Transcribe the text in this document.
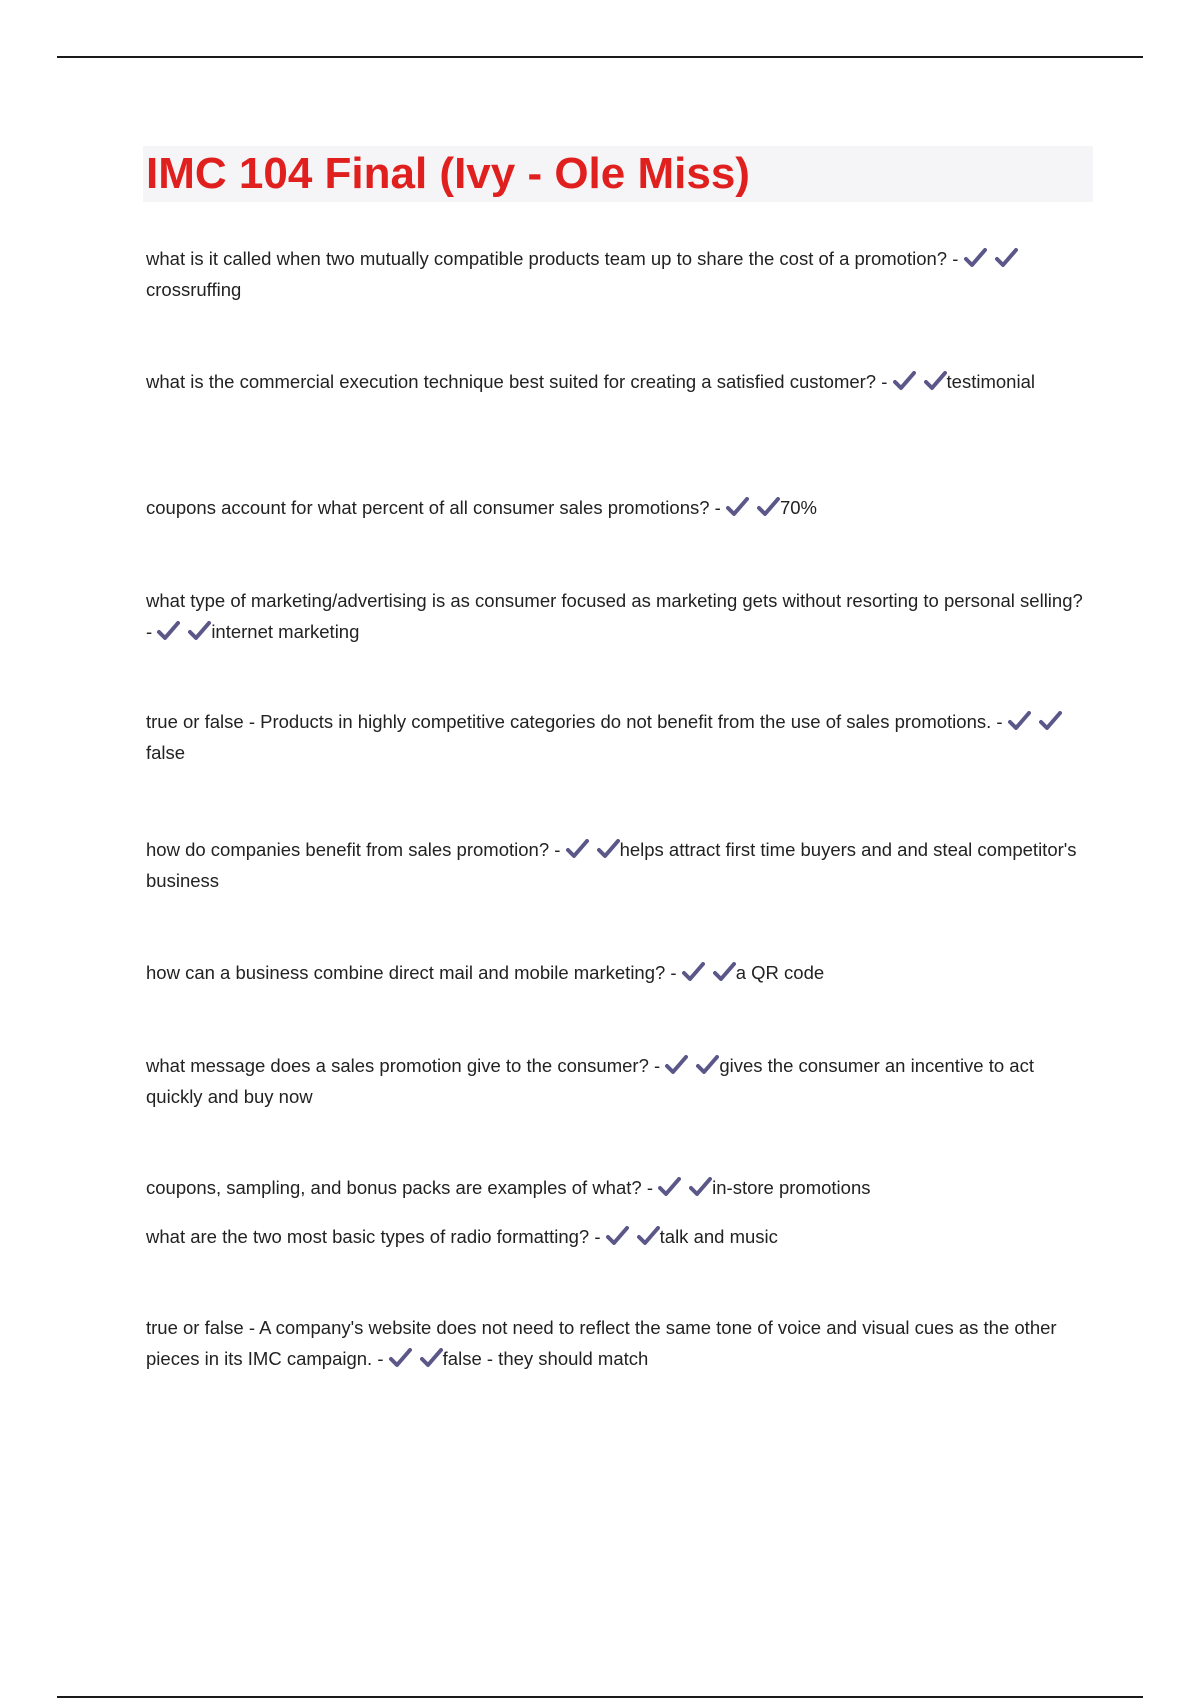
IMC 104 Final (Ivy - Ole Miss)

what is it called when two mutually compatible products team up to share the cost of a promotion? - crossruffing

what is the commercial execution technique best suited for creating a satisfied customer? -	testimonial

coupons account for what percent of all consumer sales promotions? -	70%

what type of marketing/advertising is as consumer focused as marketing gets without resorting to personal selling? -	internet marketing

true or false - Products in highly competitive categories do not benefit from the use of sales promotions. - false

how do companies benefit from sales promotion? -	helps attract first time buyers and and steal competitor's business

how can a business combine direct mail and mobile marketing? -	a QR code

what message does a sales promotion give to the consumer? -	gives the consumer an incentive to act quickly and buy now

coupons, sampling, and bonus packs are examples of what? -	in-store promotions

what are the two most basic types of radio formatting? -	talk and music

true or false - A company's website does not need to reflect the same tone of voice and visual cues as the other pieces in its IMC campaign. -	false - they should match
